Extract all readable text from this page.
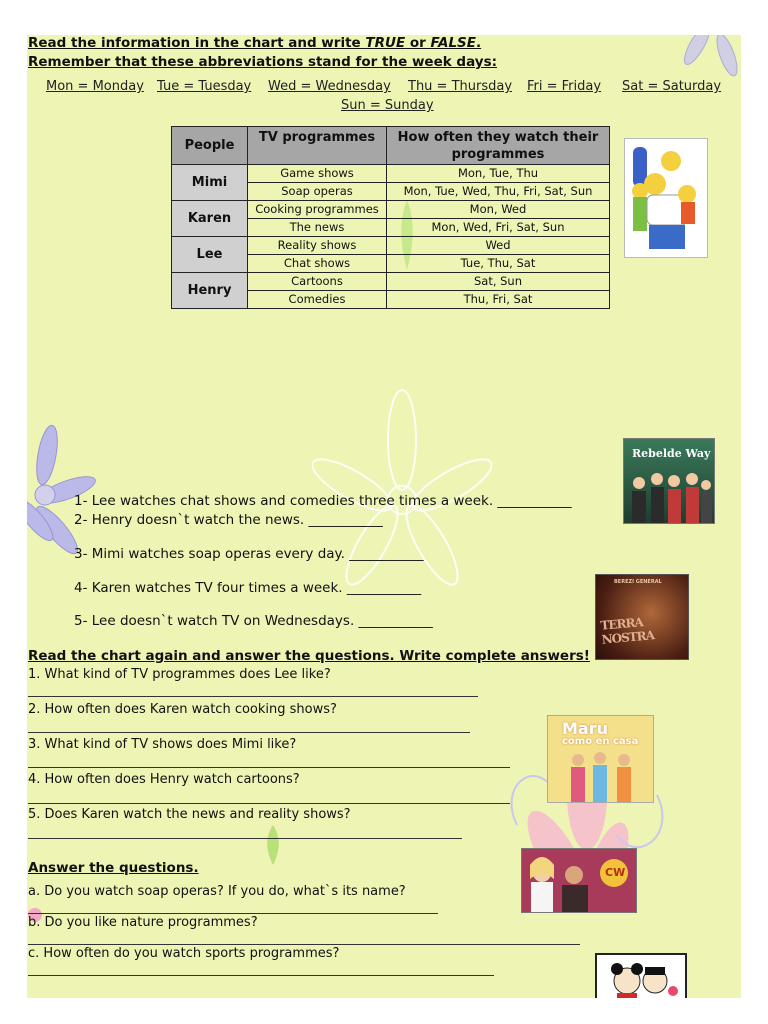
Read the information in the chart and write TRUE or FALSE.
Remember that these abbreviations stand for the week days:
Mon = Monday Tue = Tuesday Wed = Wednesday Thu = Thursday Fri = Friday Sat = Saturday
Sun = Sunday
People	TV programmes	How often they watch their programmes
Mimi	Game shows	Mon, Tue, Thu
	Soap operas	Mon, Tue, Wed, Thu, Fri, Sat, Sun
Karen	Cooking programmes	Mon, Wed
	The news	Mon, Wed, Fri, Sat, Sun
Lee	Reality shows	Wed
	Chat shows	Tue, Thu, Sat
Henry	Cartoons	Sat, Sun
	Comedies	Thu, Fri, Sat
Rebelde Way
BEREZI GENERAL
TERRA NOSTRA
Maru
como en casa
CW
1- Lee watches chat shows and comedies three times a week. ___________
2- Henry doesn`t watch the news. ___________
3- Mimi watches soap operas every day. ___________
4- Karen watches TV four times a week. ___________
5- Lee doesn`t watch TV on Wednesdays. ___________
Read the chart again and answer the questions. Write complete answers!
1. What kind of TV programmes does Lee like?
2. How often does Karen watch cooking shows?
3. What kind of TV shows does Mimi like?
4. How often does Henry watch cartoons?
5. Does Karen watch the news and reality shows?
Answer the questions.
a. Do you watch soap operas? If you do, what`s its name?
b. Do you like nature programmes?
c. How often do you watch sports programmes?
